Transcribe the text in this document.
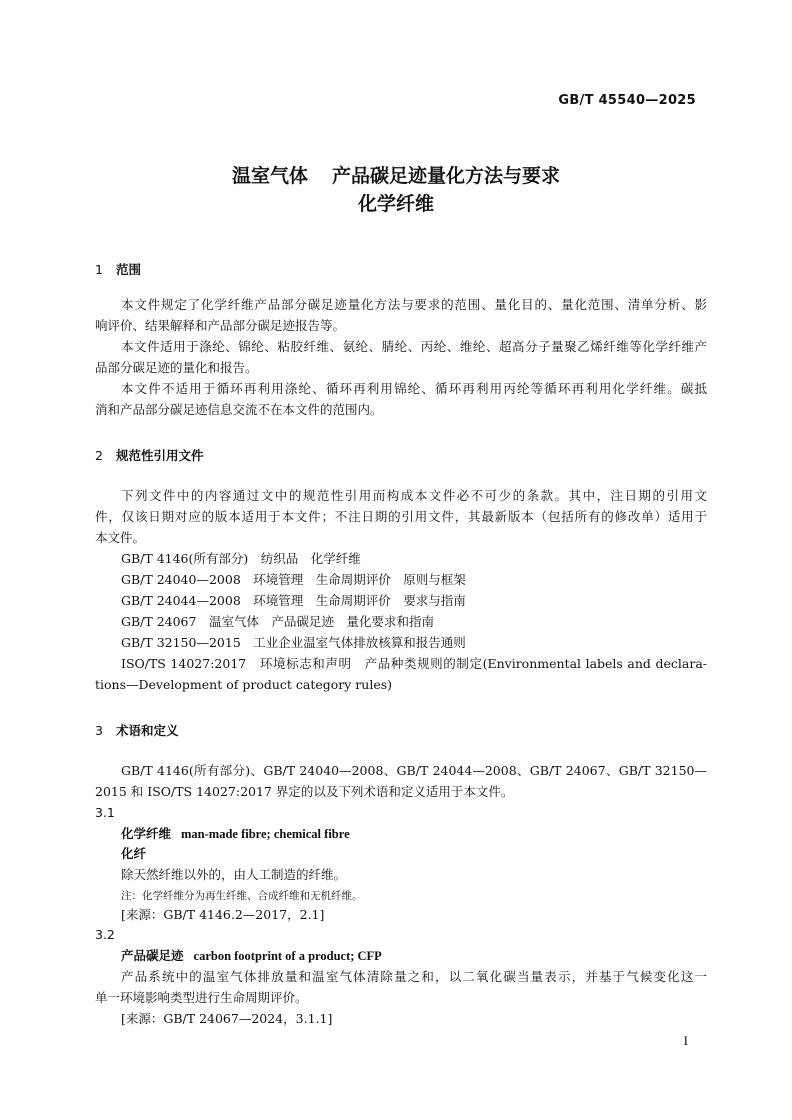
GB/T 45540—2025
温室气体 产品碳足迹量化方法与要求
化学纤维
1 范围
本文件规定了化学纤维产品部分碳足迹量化方法与要求的范围、量化目的、量化范围、清单分析、影
响评价、结果解释和产品部分碳足迹报告等。
本文件适用于涤纶、锦纶、粘胶纤维、氨纶、腈纶、丙纶、维纶、超高分子量聚乙烯纤维等化学纤维产
品部分碳足迹的量化和报告。
本文件不适用于循环再利用涤纶、循环再利用锦纶、循环再利用丙纶等循环再利用化学纤维。碳抵
消和产品部分碳足迹信息交流不在本文件的范围内。
2 规范性引用文件
下列文件中的内容通过文中的规范性引用而构成本文件必不可少的条款。其中，注日期的引用文
件，仅该日期对应的版本适用于本文件；不注日期的引用文件，其最新版本（包括所有的修改单）适用于
本文件。
GB/T 4146(所有部分)　纺织品　化学纤维
GB/T 24040—2008　环境管理　生命周期评价　原则与框架
GB/T 24044—2008　环境管理　生命周期评价　要求与指南
GB/T 24067　温室气体　产品碳足迹　量化要求和指南
GB/T 32150—2015　工业企业温室气体排放核算和报告通则
ISO/TS 14027:2017　环境标志和声明　产品种类规则的制定(Environmental labels and declara-
tions—Development of product category rules)
3 术语和定义
GB/T 4146(所有部分)、GB/T 24040—2008、GB/T 24044—2008、GB/T 24067、GB/T 32150—
2015 和 ISO/TS 14027:2017 界定的以及下列术语和定义适用于本文件。
3.1
化学纤维 man-made fibre; chemical fibre
化纤
除天然纤维以外的，由人工制造的纤维。
注：化学纤维分为再生纤维、合成纤维和无机纤维。
[来源：GB/T 4146.2—2017，2.1]
3.2
产品碳足迹 carbon footprint of a product; CFP
产品系统中的温室气体排放量和温室气体清除量之和，以二氧化碳当量表示，并基于气候变化这一
单一环境影响类型进行生命周期评价。
[来源：GB/T 24067—2024，3.1.1]
I
